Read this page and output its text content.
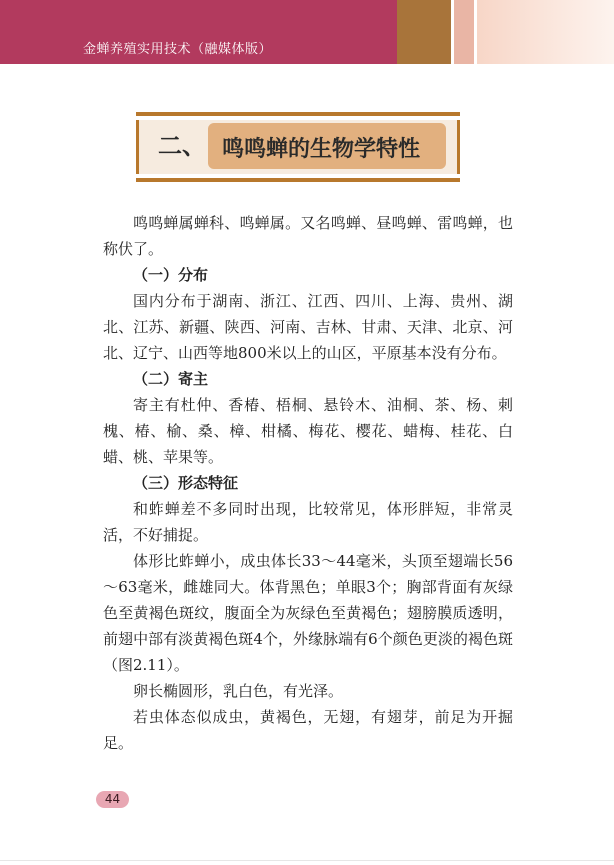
金蝉养殖实用技术（融媒体版）
二、 鸣鸣蝉的生物学特性

鸣鸣蝉属蝉科、鸣蝉属。又名鸣蝉、昼鸣蝉、雷鸣蝉，也称伏了。

（一）分布

国内分布于湖南、浙江、江西、四川、上海、贵州、湖北、江苏、新疆、陕西、河南、吉林、甘肃、天津、北京、河北、辽宁、山西等地800米以上的山区，平原基本没有分布。

（二）寄主

寄主有杜仲、香椿、梧桐、悬铃木、油桐、茶、杨、刺槐、椿、榆、桑、樟、柑橘、梅花、樱花、蜡梅、桂花、白蜡、桃、苹果等。

（三）形态特征

和蚱蝉差不多同时出现，比较常见，体形胖短，非常灵活，不好捕捉。

体形比蚱蝉小，成虫体长33～44毫米，头顶至翅端长56～63毫米，雌雄同大。体背黑色；单眼3个；胸部背面有灰绿色至黄褐色斑纹，腹面全为灰绿色至黄褐色；翅膀膜质透明，前翅中部有淡黄褐色斑4个，外缘脉端有6个颜色更淡的褐色斑（图2.11）。

卵长椭圆形，乳白色，有光泽。

若虫体态似成虫，黄褐色，无翅，有翅芽，前足为开掘足。

44
